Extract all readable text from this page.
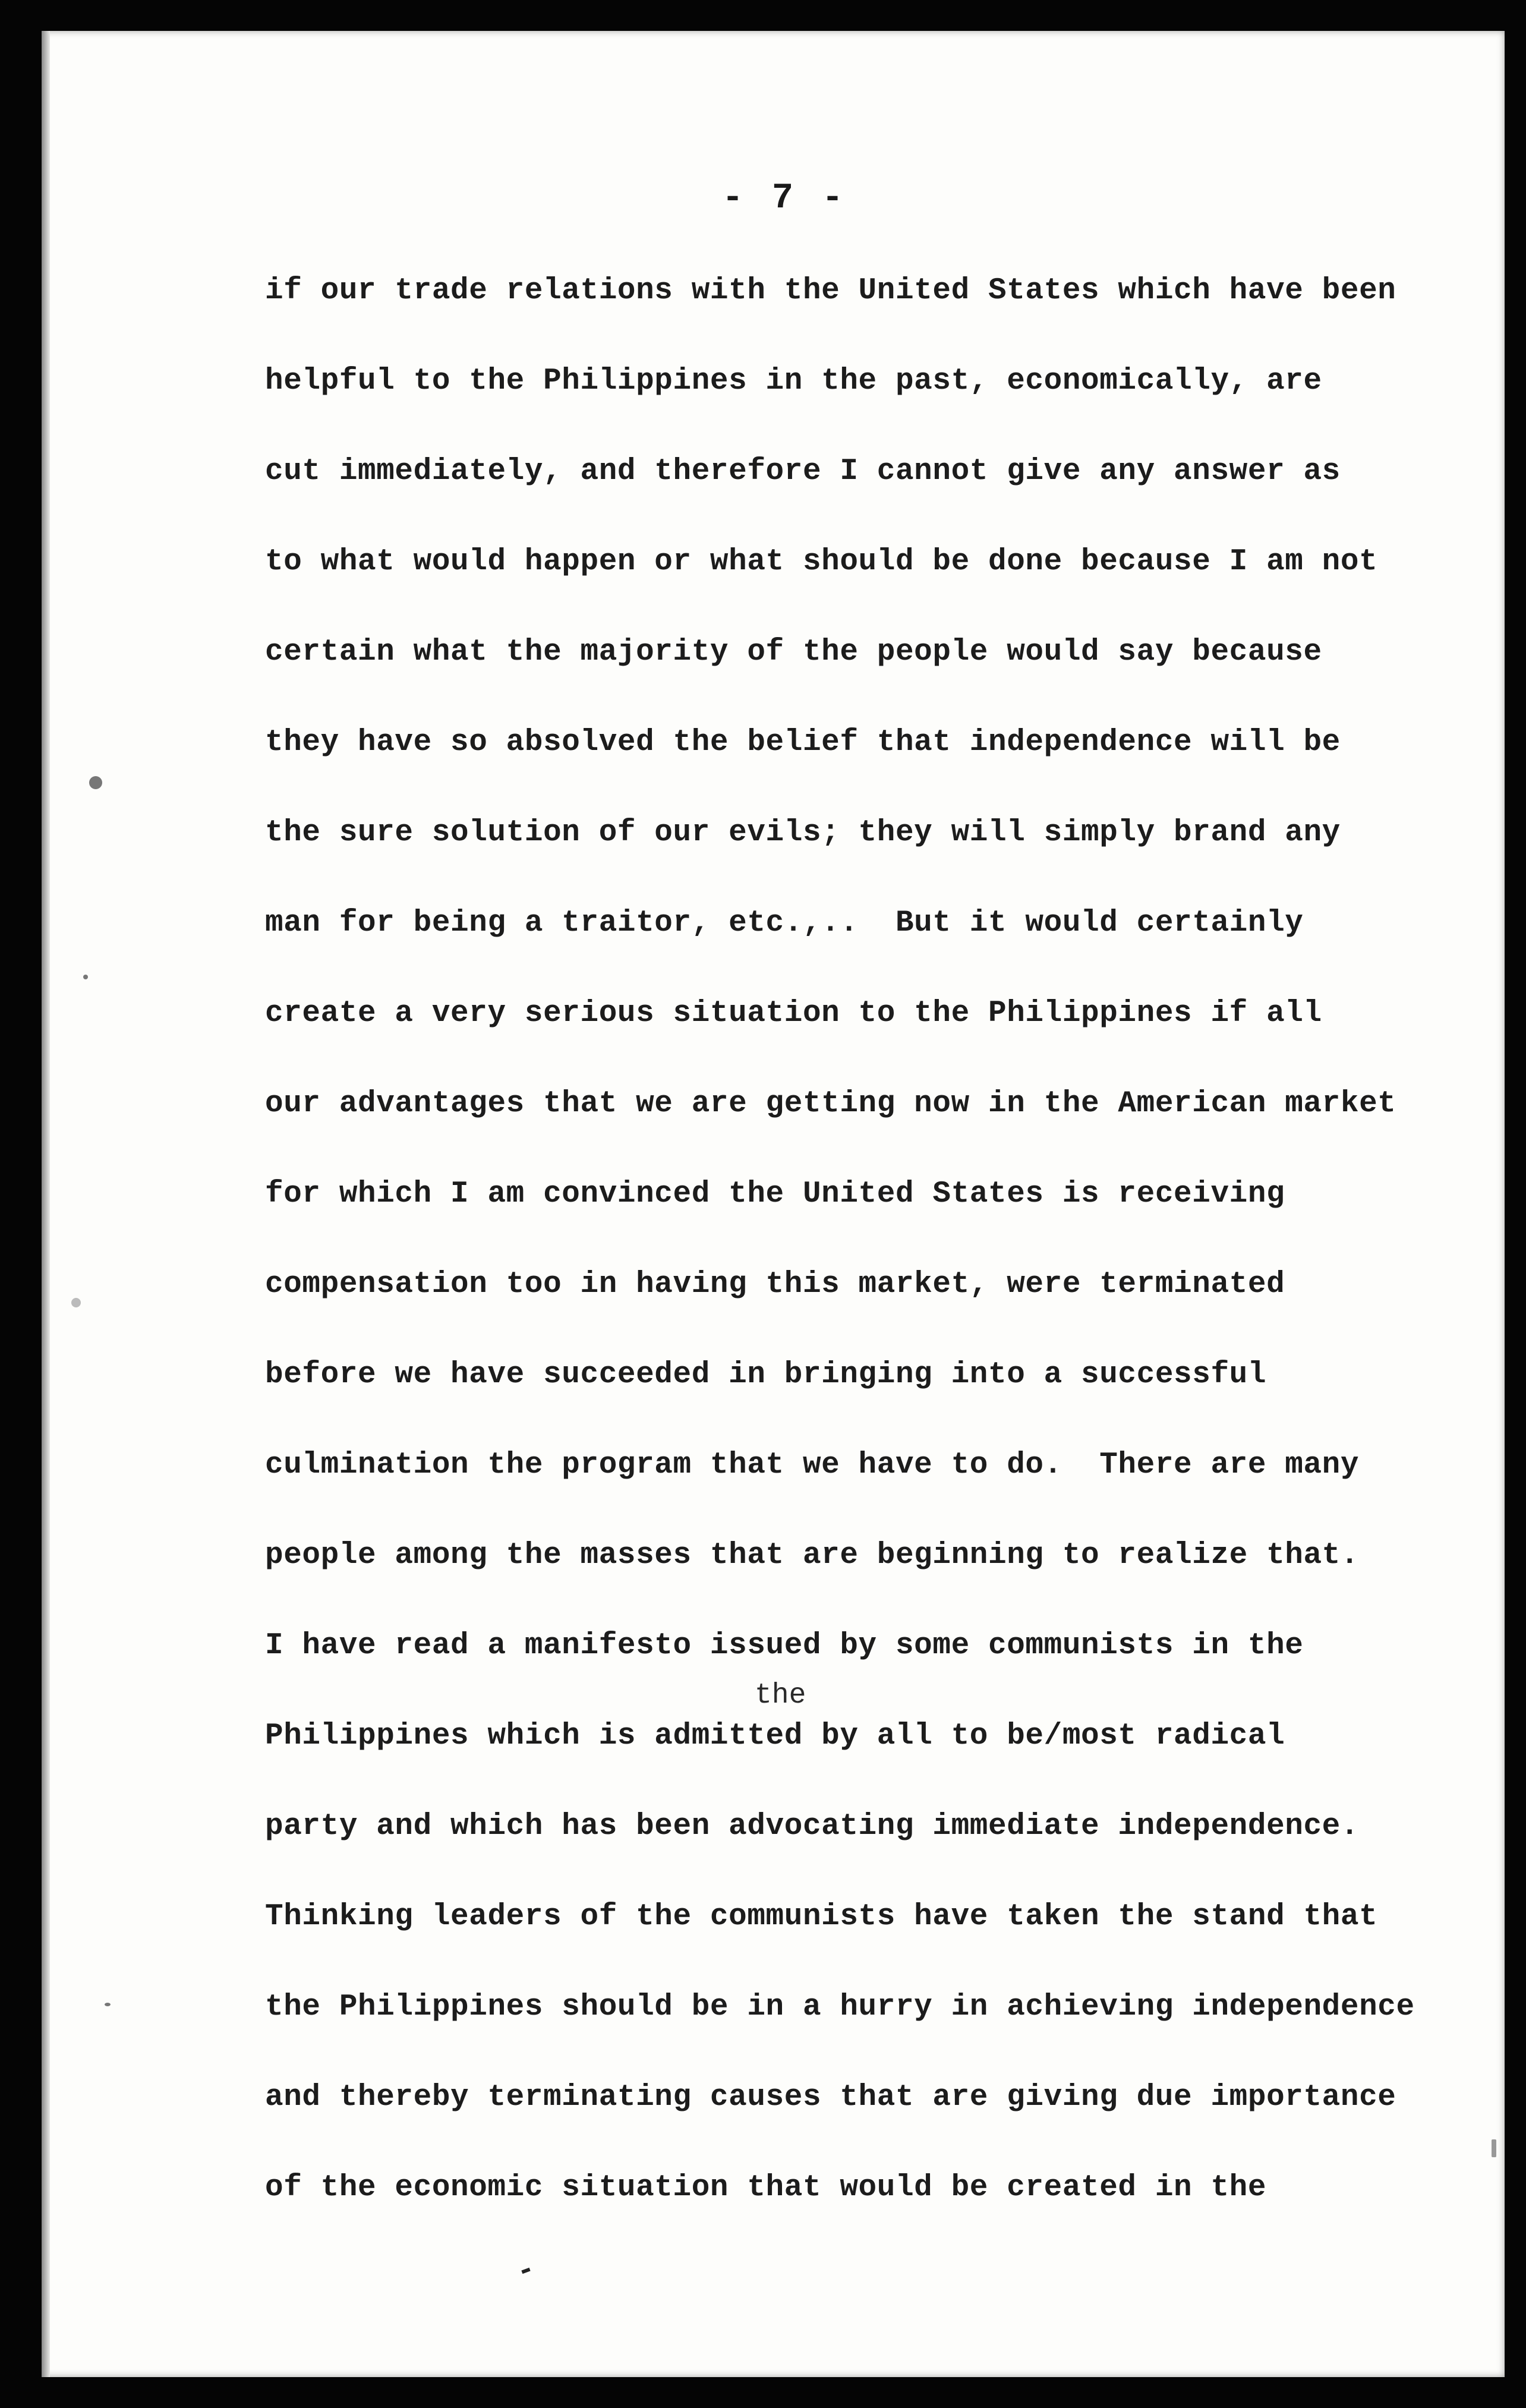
- 7 -
if our trade relations with the United States which have been
helpful to the Philippines in the past, economically, are
cut immediately, and therefore I cannot give any answer as
to what would happen or what should be done because I am not
certain what the majority of the people would say because
they have so absolved the belief that independence will be
the sure solution of our evils; they will simply brand any
man for being a traitor, etc.,..  But it would certainly
create a very serious situation to the Philippines if all
our advantages that we are getting now in the American market
for which I am convinced the United States is receiving
compensation too in having this market, were terminated
before we have succeeded in bringing into a successful
culmination the program that we have to do.  There are many
people among the masses that are beginning to realize that.
I have read a manifesto issued by some communists in the
Philippines which is admitted by all to be/most radical
party and which has been advocating immediate independence.
Thinking leaders of the communists have taken the stand that
the Philippines should be in a hurry in achieving independence
and thereby terminating causes that are giving due importance
of the economic situation that would be created in the
the
